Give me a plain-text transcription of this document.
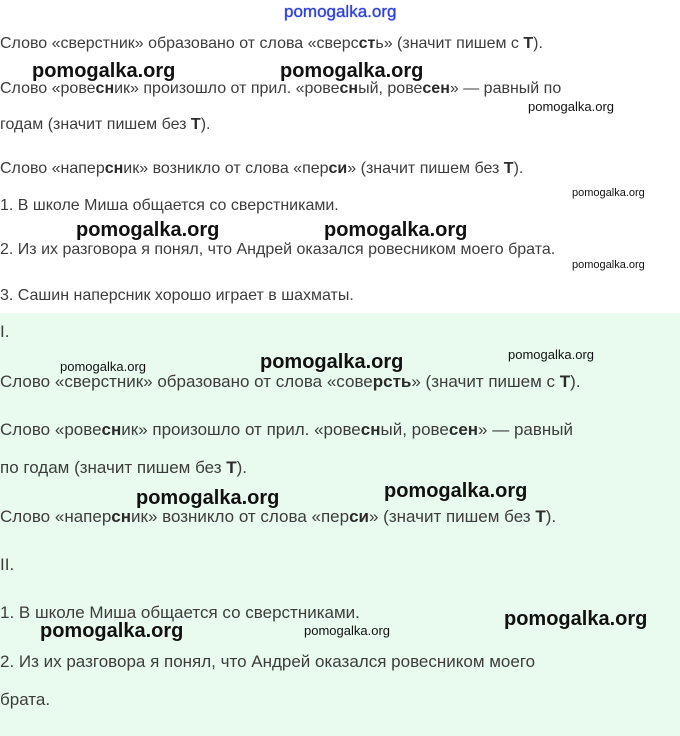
Слово «сверстник» образовано от слова «сверссть» (значит пишем с Т).

Слово «ровесник» произошло от прил. «ровесный, ровесен» — равный по

годам (значит пишем без Т).

Слово «наперсник» возникло от слова «перси» (значит пишем без Т).

1. В школе Миша общается со сверстниками.

2. Из их разговора я понял, что Андрей оказался ровесником моего брата.

3. Сашин наперсник хорошо играет в шахматы.

I.

Слово «сверстник» образовано от слова «соверсть» (значит пишем с Т).

Слово «ровесник» произошло от прил. «ровесный, ровесен» — равный

по годам (значит пишем без Т).

Слово «наперсник» возникло от слова «перси» (значит пишем без Т).

II.

1. В школе Миша общается со сверстниками.

2. Из их разговора я понял, что Андрей оказался ровесником моего

брата.

pomogalka.org
pomogalka.org	pomogalka.org
pomogalka.org
pomogalka.org
pomogalka.org	pomogalka.org
pomogalka.org
pomogalka.org	pomogalka.org	pomogalka.org
pomogalka.org	pomogalka.org
pomogalka.org	pomogalka.org
pomogalka.org
